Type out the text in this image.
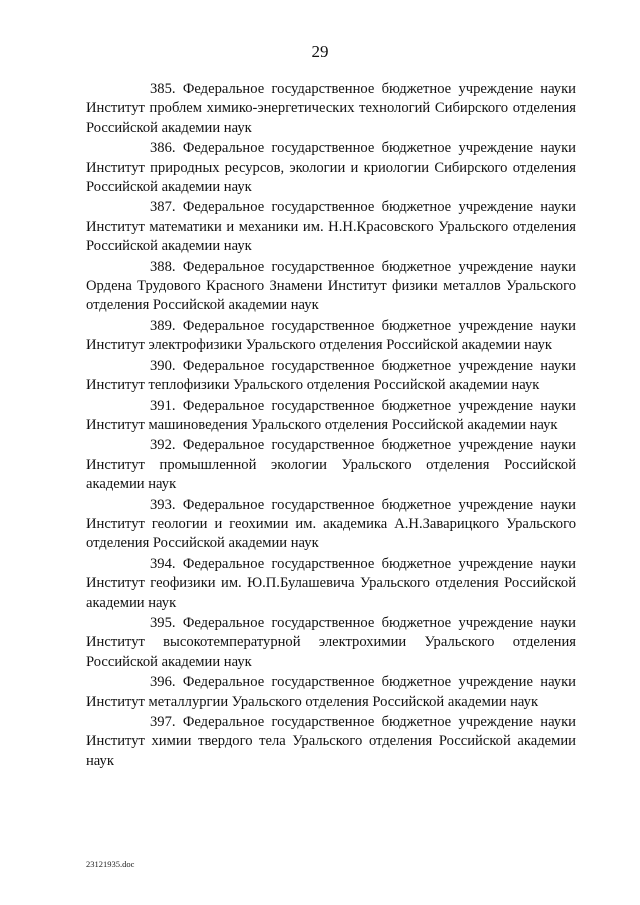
29

385. Федеральное государственное бюджетное учреждение науки Институт проблем химико-энергетических технологий Сибирского отделения Российской академии наук

386. Федеральное государственное бюджетное учреждение науки Институт природных ресурсов, экологии и криологии Сибирского отделения Российской академии наук

387. Федеральное государственное бюджетное учреждение науки Институт математики и механики им. Н.Н.Красовского Уральского отделения Российской академии наук

388. Федеральное государственное бюджетное учреждение науки Ордена Трудового Красного Знамени Институт физики металлов Уральского отделения Российской академии наук

389. Федеральное государственное бюджетное учреждение науки Институт электрофизики Уральского отделения Российской академии наук

390. Федеральное государственное бюджетное учреждение науки Институт теплофизики Уральского отделения Российской академии наук

391. Федеральное государственное бюджетное учреждение науки Институт машиноведения Уральского отделения Российской академии наук

392. Федеральное государственное бюджетное учреждение науки Институт промышленной экологии Уральского отделения Российской академии наук

393. Федеральное государственное бюджетное учреждение науки Институт геологии и геохимии им. академика А.Н.Заварицкого Уральского отделения Российской академии наук

394. Федеральное государственное бюджетное учреждение науки Институт геофизики им. Ю.П.Булашевича Уральского отделения Российской академии наук

395. Федеральное государственное бюджетное учреждение науки Институт высокотемпературной электрохимии Уральского отделения Российской академии наук

396. Федеральное государственное бюджетное учреждение науки Институт металлургии Уральского отделения Российской академии наук

397. Федеральное государственное бюджетное учреждение науки Институт химии твердого тела Уральского отделения Российской академии наук

23121935.doc
